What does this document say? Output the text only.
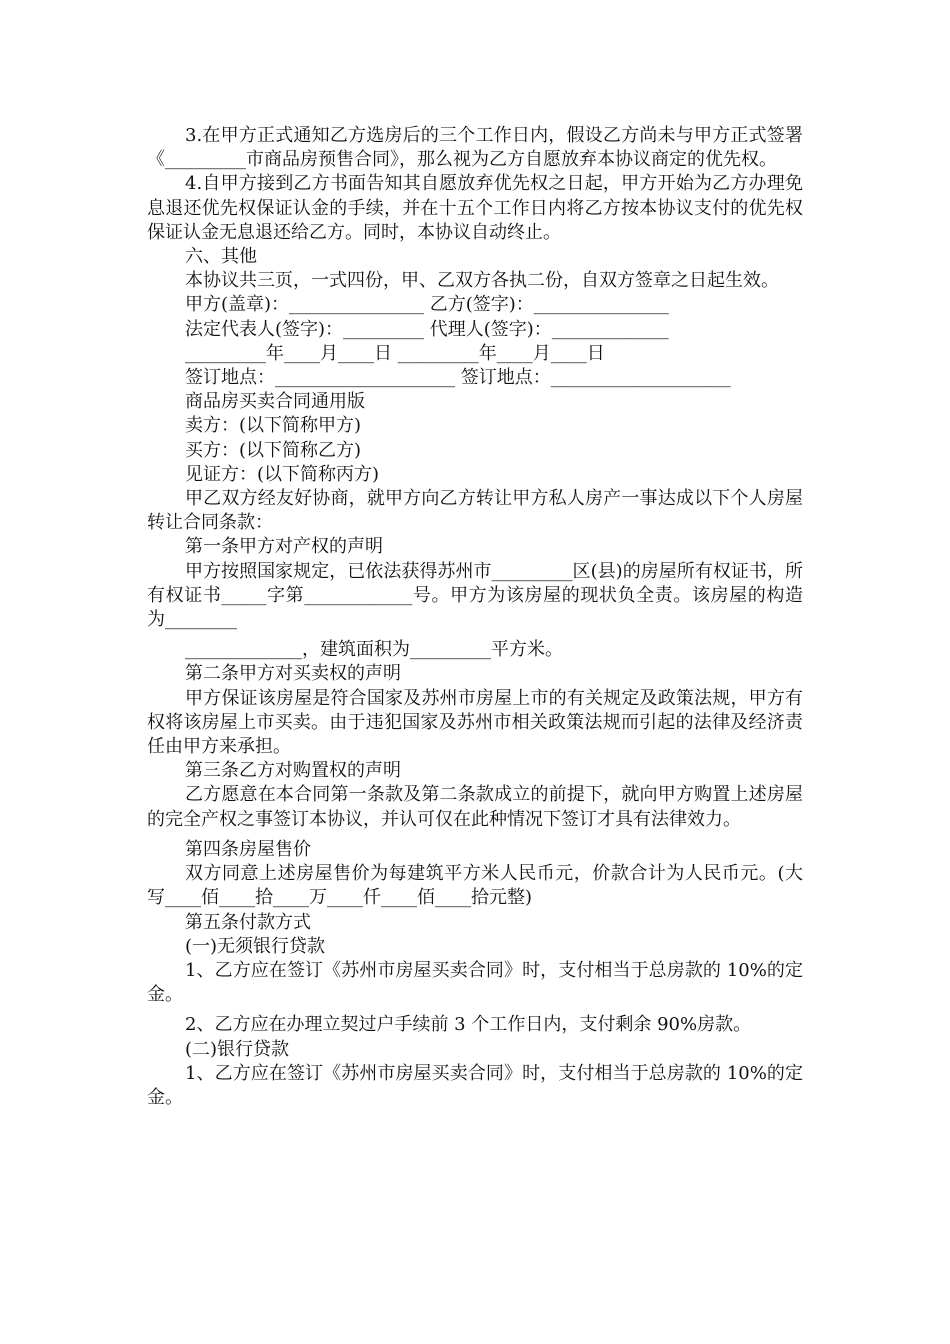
3.在甲方正式通知乙方选房后的三个工作日内，假设乙方尚未与甲方正式签署《_________市商品房预售合同》，那么视为乙方自愿放弃本协议商定的优先权。

4.自甲方接到乙方书面告知其自愿放弃优先权之日起，甲方开始为乙方办理免息退还优先权保证认金的手续，并在十五个工作日内将乙方按本协议支付的优先权保证认金无息退还给乙方。同时，本协议自动终止。

六、其他

本协议共三页，一式四份，甲、乙双方各执二份，自双方签章之日起生效。

甲方(盖章)：_______________ 乙方(签字)：_______________

法定代表人(签字)：_________ 代理人(签字)：_____________

_________年____月____日 _________年____月____日

签订地点：____________________ 签订地点：____________________

商品房买卖合同通用版

卖方：(以下简称甲方)

买方：(以下简称乙方)

见证方：(以下简称丙方)

甲乙双方经友好协商，就甲方向乙方转让甲方私人房产一事达成以下个人房屋转让合同条款：

第一条甲方对产权的声明

甲方按照国家规定，已依法获得苏州市_________区(县)的房屋所有权证书，所有权证书_____字第____________号。甲方为该房屋的现状负全责。该房屋的构造为________

_____________，建筑面积为_________平方米。

第二条甲方对买卖权的声明

甲方保证该房屋是符合国家及苏州市房屋上市的有关规定及政策法规，甲方有权将该房屋上市买卖。由于违犯国家及苏州市相关政策法规而引起的法律及经济责任由甲方来承担。

第三条乙方对购置权的声明

乙方愿意在本合同第一条款及第二条款成立的前提下，就向甲方购置上述房屋的完全产权之事签订本协议，并认可仅在此种情况下签订才具有法律效力。

第四条房屋售价

双方同意上述房屋售价为每建筑平方米人民币元，价款合计为人民币元。(大写____佰____拾____万____仟____佰____拾元整)

第五条付款方式

(一)无须银行贷款

1、乙方应在签订《苏州市房屋买卖合同》时，支付相当于总房款的 10%的定金。

2、乙方应在办理立契过户手续前 3 个工作日内，支付剩余 90%房款。

(二)银行贷款

1、乙方应在签订《苏州市房屋买卖合同》时，支付相当于总房款的 10%的定金。
